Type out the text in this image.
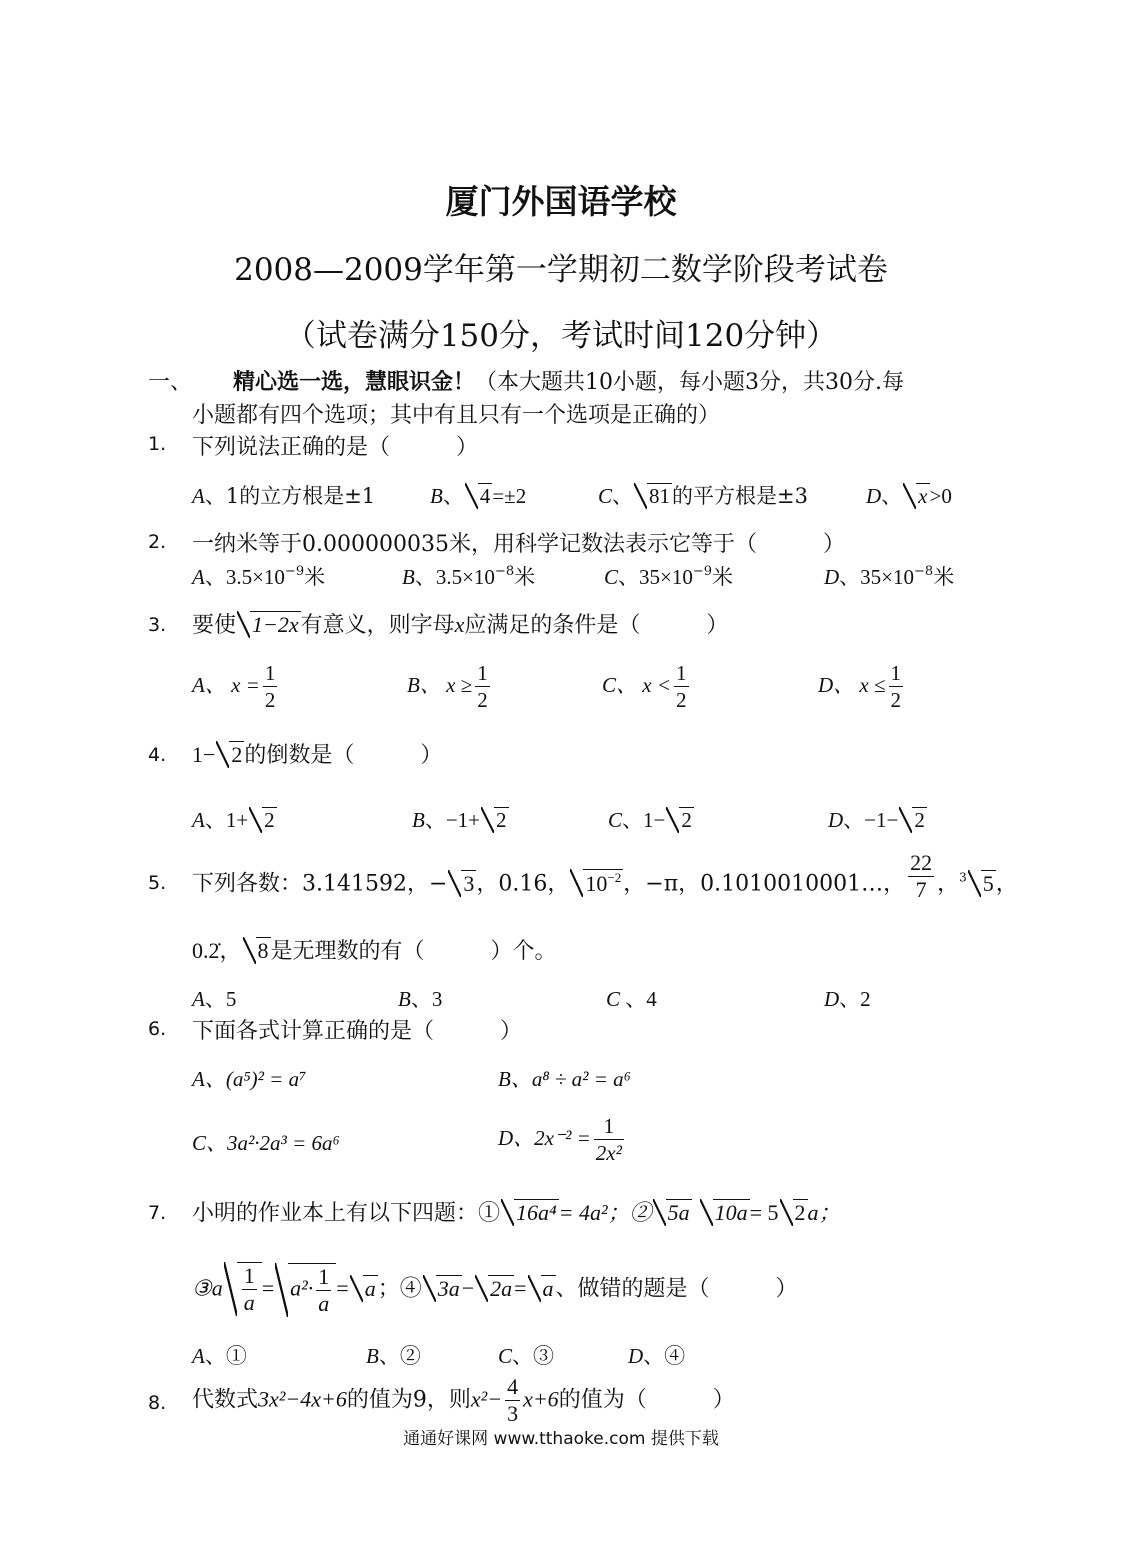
厦门外国语学校
2008—2009学年第一学期初二数学阶段考试卷
（试卷满分150分，考试时间120分钟）
一、 精心选一选，慧眼识金！（本大题共10小题，每小题3分，共30分.每
小题都有四个选项；其中有且只有一个选项是正确的）
1. 下列说法正确的是（　　　）
A、1的立方根是±1	B、 4=±2	C、 81的平方根是±3	D、 x>0
2. 一纳米等于0.000000035米，用科学记数法表示它等于（　　　）
A、$3.5\times 10^{-9}$米	B、$3.5\times 10^{-8}$米	C、$35\times 10^{-9}$米	D、$35\times 10^{-8}$米
3. 要使 1−2x有意义，则字母x应满足的条件是（　　　）
A、 $x = \frac{1}{2}$	B、 $x \ge \frac{1}{2}$	C、 $x < \frac{1}{2}$	D、 $x \le \frac{1}{2}$
4. 1− 2的倒数是（　　　）
A、1+ 2	B、−1+ 2	C、1− 2	D、−1− 2
5. 下列各数：3.141592，− 3，0.16， $10^{-2}$，−π，0.1010010001…， $\frac{22}{7}$ ，$^3$ 5，
0.2̇， 8是无理数的有（　　　）个。
A、5	B、3	C 、4	D、2
6. 下面各式计算正确的是（　　　）
A、(a⁵)² = a⁷	B、a⁸ ÷ a² = a⁶
C、3a²·2a³ = 6a⁶	D、$2x^{-2} = \frac{1}{\text{2x²}}$
7. 小明的作业本上有以下四题：① 16a⁴= 4a²；② 5a 10a= 5 2a；
③a $\frac{1}{a} = a^2\cdot \frac{1}{a} = a$；④ 3a− 2a= a、做错的题是（　　　）
A、①	B、②	C、③	D、④
8. 代数式3x²−4x+6的值为9，则$x^2- \frac{4}{3} x+6$的值为（　　　）
通通好课网 www.tthaoke.com 提供下载
